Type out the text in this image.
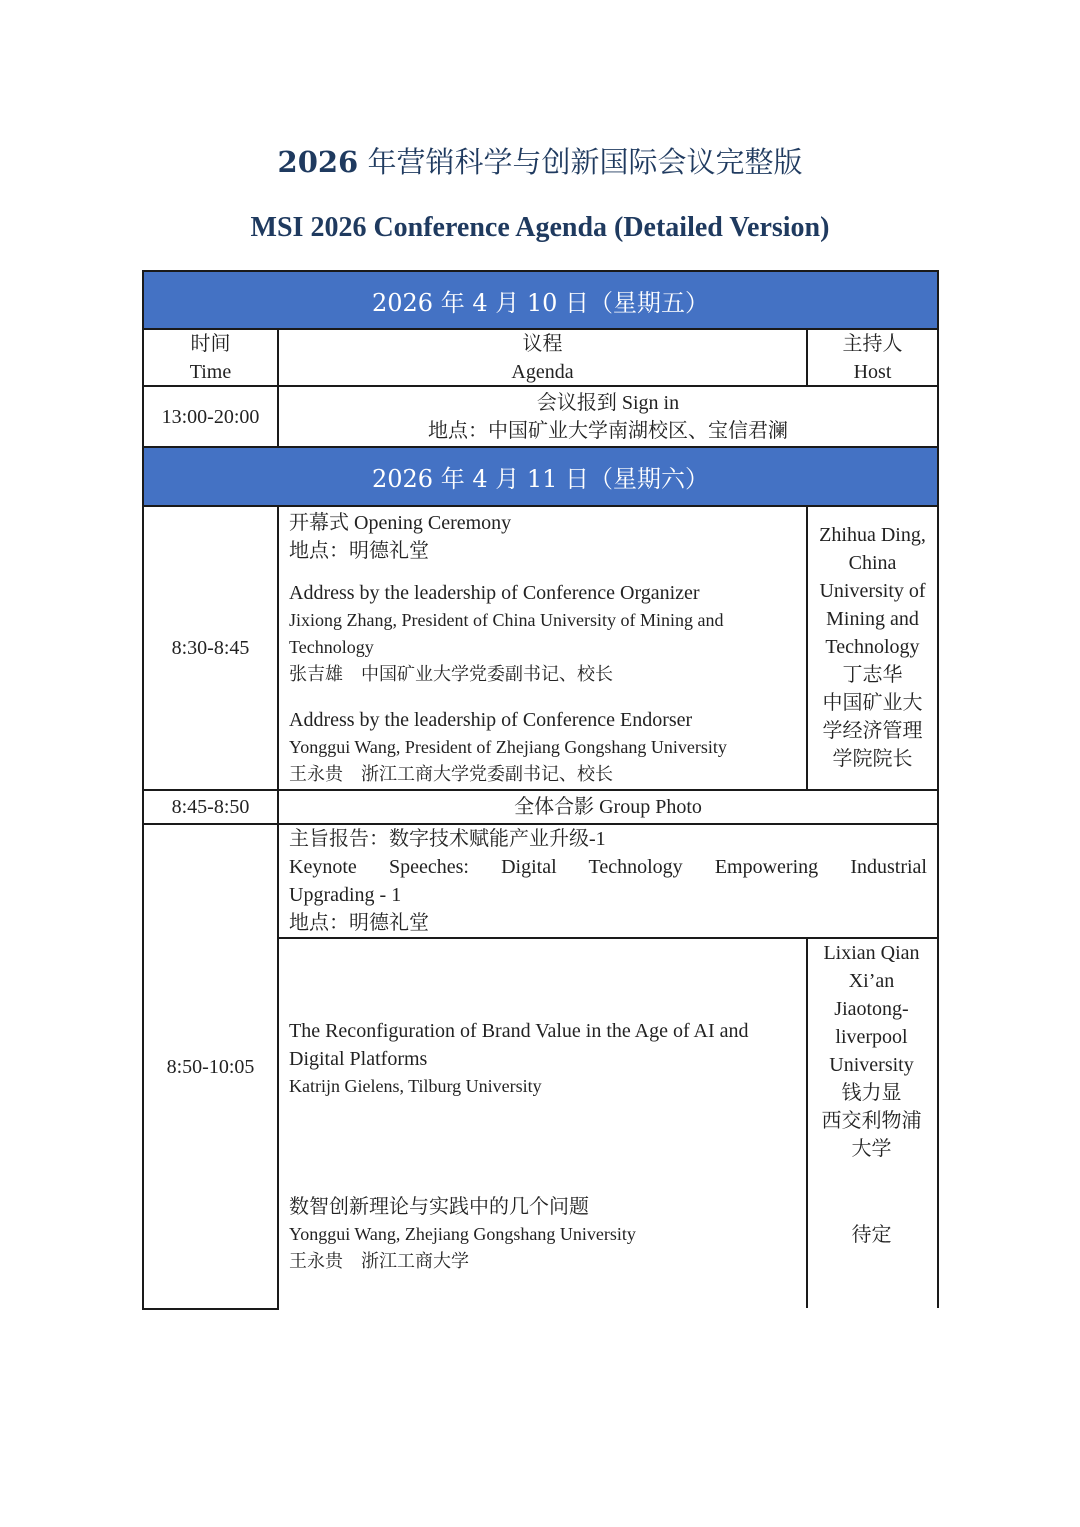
2026 年营销科学与创新国际会议完整版
MSI 2026 Conference Agenda (Detailed Version)
2026 年 4 月 10 日（星期五）
时间
Time
议程
Agenda
主持人
Host
13:00-20:00
会议报到 Sign in
地点：中国矿业大学南湖校区、宝信君澜
2026 年 4 月 11 日（星期六）
8:30-8:45
开幕式 Opening Ceremony
地点：明德礼堂
Address by the leadership of Conference Organizer
Jixiong Zhang, President of China University of Mining and
Technology
张吉雄　中国矿业大学党委副书记、校长
Address by the leadership of Conference Endorser
Yonggui Wang, President of Zhejiang Gongshang University
王永贵　浙江工商大学党委副书记、校长
Zhihua Ding,
China
University of
Mining and
Technology
丁志华
中国矿业大
学经济管理
学院院长
8:45-8:50	全体合影 Group Photo
8:50-10:05
主旨报告：数字技术赋能产业升级-1
Keynote Speeches: Digital Technology Empowering Industrial
Upgrading - 1
地点：明德礼堂
The Reconfiguration of Brand Value in the Age of AI and
Digital Platforms
Katrijn Gielens, Tilburg University
数智创新理论与实践中的几个问题
Yonggui Wang, Zhejiang Gongshang University
王永贵　浙江工商大学
Lixian Qian
Xi’an
Jiaotong-
liverpool
University
钱力显
西交利物浦
大学
待定
